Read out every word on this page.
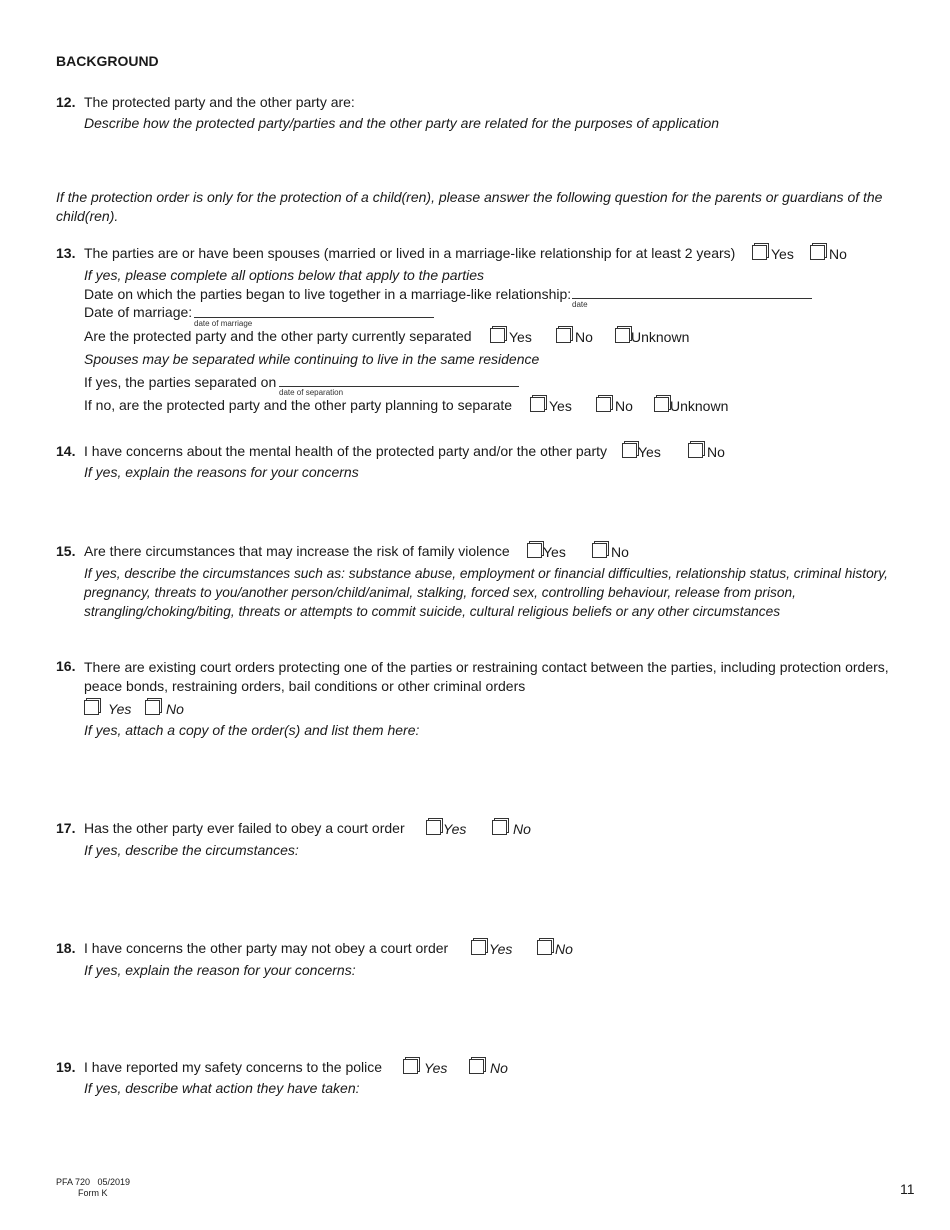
BACKGROUND
12. The protected party and the other party are:
Describe how the protected party/parties and the other party are related for the purposes of application
If the protection order is only for the protection of a child(ren), please answer the following question for the parents or guardians of the child(ren).
13. The parties are or have been spouses (married or lived in a marriage-like relationship for at least 2 years)	Yes	No
If yes, please complete all options below that apply to the parties
Date on which the parties began to live together in a marriage-like relationship:
date
Date of marriage:
date of marriage
Are the protected party and the other party currently separated	Yes	No	Unknown
Spouses may be separated while continuing to live in the same residence
If yes, the parties separated on
date of separation
If no, are the protected party and the other party planning to separate	Yes	No	Unknown
14. I have concerns about the mental health of the protected party and/or the other party	Yes	No
If yes, explain the reasons for your concerns
15. Are there circumstances that may increase the risk of family violence	Yes	No
If yes, describe the circumstances such as: substance abuse, employment or financial difficulties, relationship status, criminal history, pregnancy, threats to you/another person/child/animal, stalking, forced sex, controlling behaviour, release from prison, strangling/choking/biting, threats or attempts to commit suicide, cultural religious beliefs or any other circumstances
16. There are existing court orders protecting one of the parties or restraining contact between the parties, including protection orders, peace bonds, restraining orders, bail conditions or other criminal orders
Yes	No
If yes, attach a copy of the order(s) and list them here:
17. Has the other party ever failed to obey a court order	Yes	No
If yes, describe the circumstances:
18. I have concerns the other party may not obey a court order	Yes	No
If yes, explain the reason for your concerns:
19. I have reported my safety concerns to the police	Yes	No
If yes, describe what action they have taken:
PFA 720   05/2019
Form K	11
